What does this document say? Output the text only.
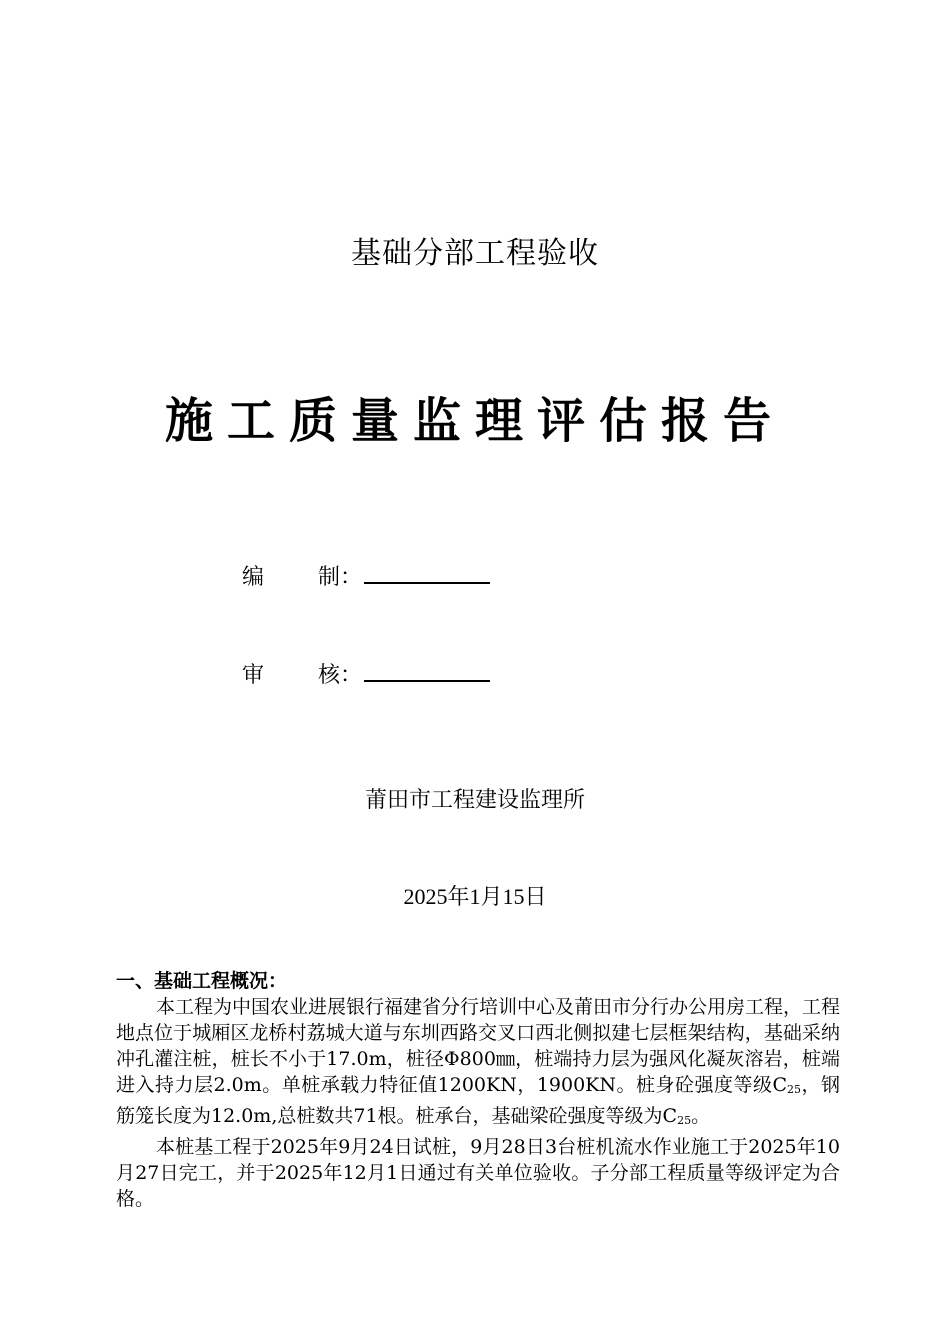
基础分部工程验收
施工质量监理评估报告
编 制：
审 核：
莆田市工程建设监理所
2025年1月15日
一、基础工程概况：

本工程为中国农业进展银行福建省分行培训中心及莆田市分行办公用房工程，工程地点位于城厢区龙桥村荔城大道与东圳西路交叉口西北侧拟建七层框架结构，基础采纳冲孔灌注桩，桩长不小于17.0m，桩径Φ800㎜，桩端持力层为强风化凝灰溶岩，桩端进入持力层2.0m。单桩承载力特征值1200KN，1900KN。桩身砼强度等级$C_{25}$，钢筋笼长度为12.0m,总桩数共71根。桩承台，基础梁砼强度等级为$C_{25}$。

本桩基工程于2025年9月24日试桩，9月28日3台桩机流水作业施工于2025年10月27日完工，并于2025年12月1日通过有关单位验收。子分部工程质量等级评定为合格。
